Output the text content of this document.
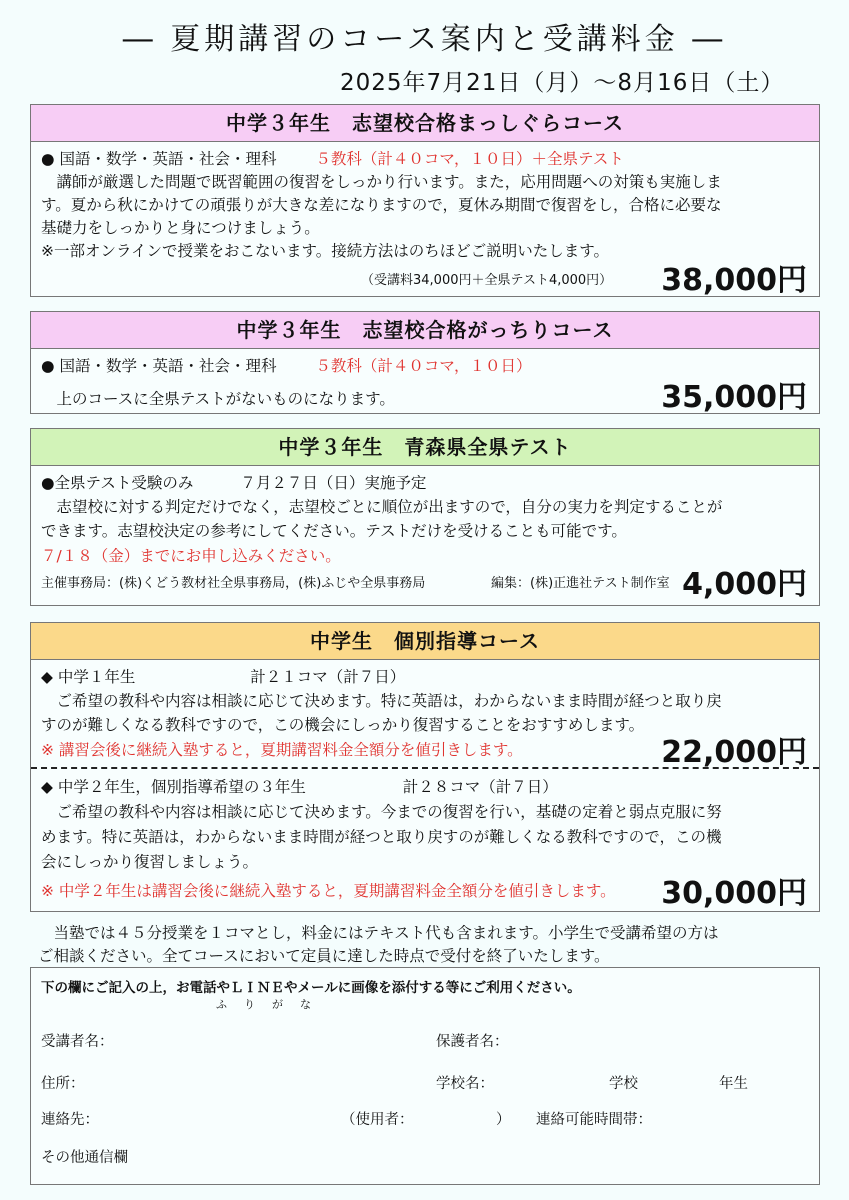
― 夏期講習のコース案内と受講料金 ―
2025年7月21日（月）～8月16日（土）
中学３年生　志望校合格まっしぐらコース
● 国語・数学・英語・社会・理科	５教科（計４０コマ，１０日）＋全県テスト
　講師が厳選した問題で既習範囲の復習をしっかり行います。また，応用問題への対策も実施しま
す。夏から秋にかけての頑張りが大きな差になりますので，夏休み期間で復習をし，合格に必要な
基礎力をしっかりと身につけましょう。
※一部オンラインで授業をおこないます。接続方法はのちほどご説明いたします。
（受講料34,000円＋全県テスト4,000円） 38,000円
中学３年生　志望校合格がっちりコース
● 国語・数学・英語・社会・理科	５教科（計４０コマ，１０日）
　上のコースに全県テストがないものになります。	35,000円
中学３年生　青森県全県テスト
●全県テスト受験のみ	７月２７日（日）実施予定
　志望校に対する判定だけでなく，志望校ごとに順位が出ますので，自分の実力を判定することが
できます。志望校決定の参考にしてください。テストだけを受けることも可能です。
７/１８（金）までにお申し込みください。
主催事務局：(株)くどう教材社全県事務局，(株)ふじや全県事務局	編集：(株)正進社テスト制作室 4,000円
中学生　個別指導コース
◆ 中学１年生	計２１コマ（計７日）
　ご希望の教科や内容は相談に応じて決めます。特に英語は，わからないまま時間が経つと取り戻
すのが難しくなる教科ですので，この機会にしっかり復習することをおすすめします。
※ 講習会後に継続入塾すると，夏期講習料金全額分を値引きします。	22,000円
◆ 中学２年生，個別指導希望の３年生	計２８コマ（計７日）
　ご希望の教科や内容は相談に応じて決めます。今までの復習を行い，基礎の定着と弱点克服に努
めます。特に英語は，わからないまま時間が経つと取り戻すのが難しくなる教科ですので，この機
会にしっかり復習しましょう。
※ 中学２年生は講習会後に継続入塾すると，夏期講習料金全額分を値引きします。 30,000円
　当塾では４５分授業を１コマとし，料金にはテキスト代も含まれます。小学生で受講希望の方は
ご相談ください。全てコースにおいて定員に達した時点で受付を終了いたします。
下の欄にご記入の上，お電話やＬＩＮＥやメールに画像を添付する等にご利用ください。
ふ　り　が　な
受講者名：	保護者名：
住所：	学校名：	学校	年生
連絡先：	（使用者：	） 連絡可能時間帯：
その他通信欄
